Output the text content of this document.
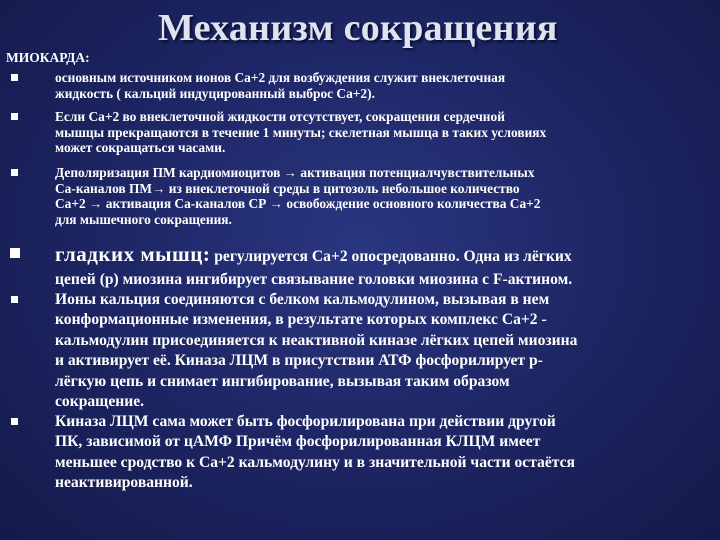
Механизм сокращения
МИОКАРДА:
основным источником ионов Ca+2 для возбуждения служит внеклеточная
жидкость ( кальций индуцированный выброс Ca+2).
Если Ca+2 во внеклеточной жидкости отсутствует, сокращения сердечной
мышцы прекращаются в течение 1 минуты; скелетная мышца в таких условиях
может сокращаться часами.
Деполяризация ПМ кардиомиоцитов → активация потенциалчувствительных
Ca-каналов ПМ→ из внеклеточной среды в цитозоль небольшое количество
Ca+2 → активация Ca-каналов СР → освобождение основного количества Ca+2
для мышечного сокращения.
гладких мышц: регулируется Ca+2 опосредованно. Одна из лёгких
цепей (р) миозина ингибирует связывание головки миозина с F-актином.
Ионы кальция соединяются с белком кальмодулином, вызывая в нем
конформационные изменения, в результате которых комплекс Ca+2 -
кальмодулин присоединяется к неактивной киназе лёгких цепей миозина
и активирует её. Киназа ЛЦМ в присутствии АТФ фосфорилирует р-
лёгкую цепь и снимает ингибирование, вызывая таким образом
сокращение.
Киназа ЛЦМ сама может быть фосфорилирована при действии другой
ПК, зависимой от цАМФ Причём фосфорилированная КЛЦМ имеет
меньшее сродство к Ca+2 кальмодулину и в значительной части остаётся
неактивированной.
